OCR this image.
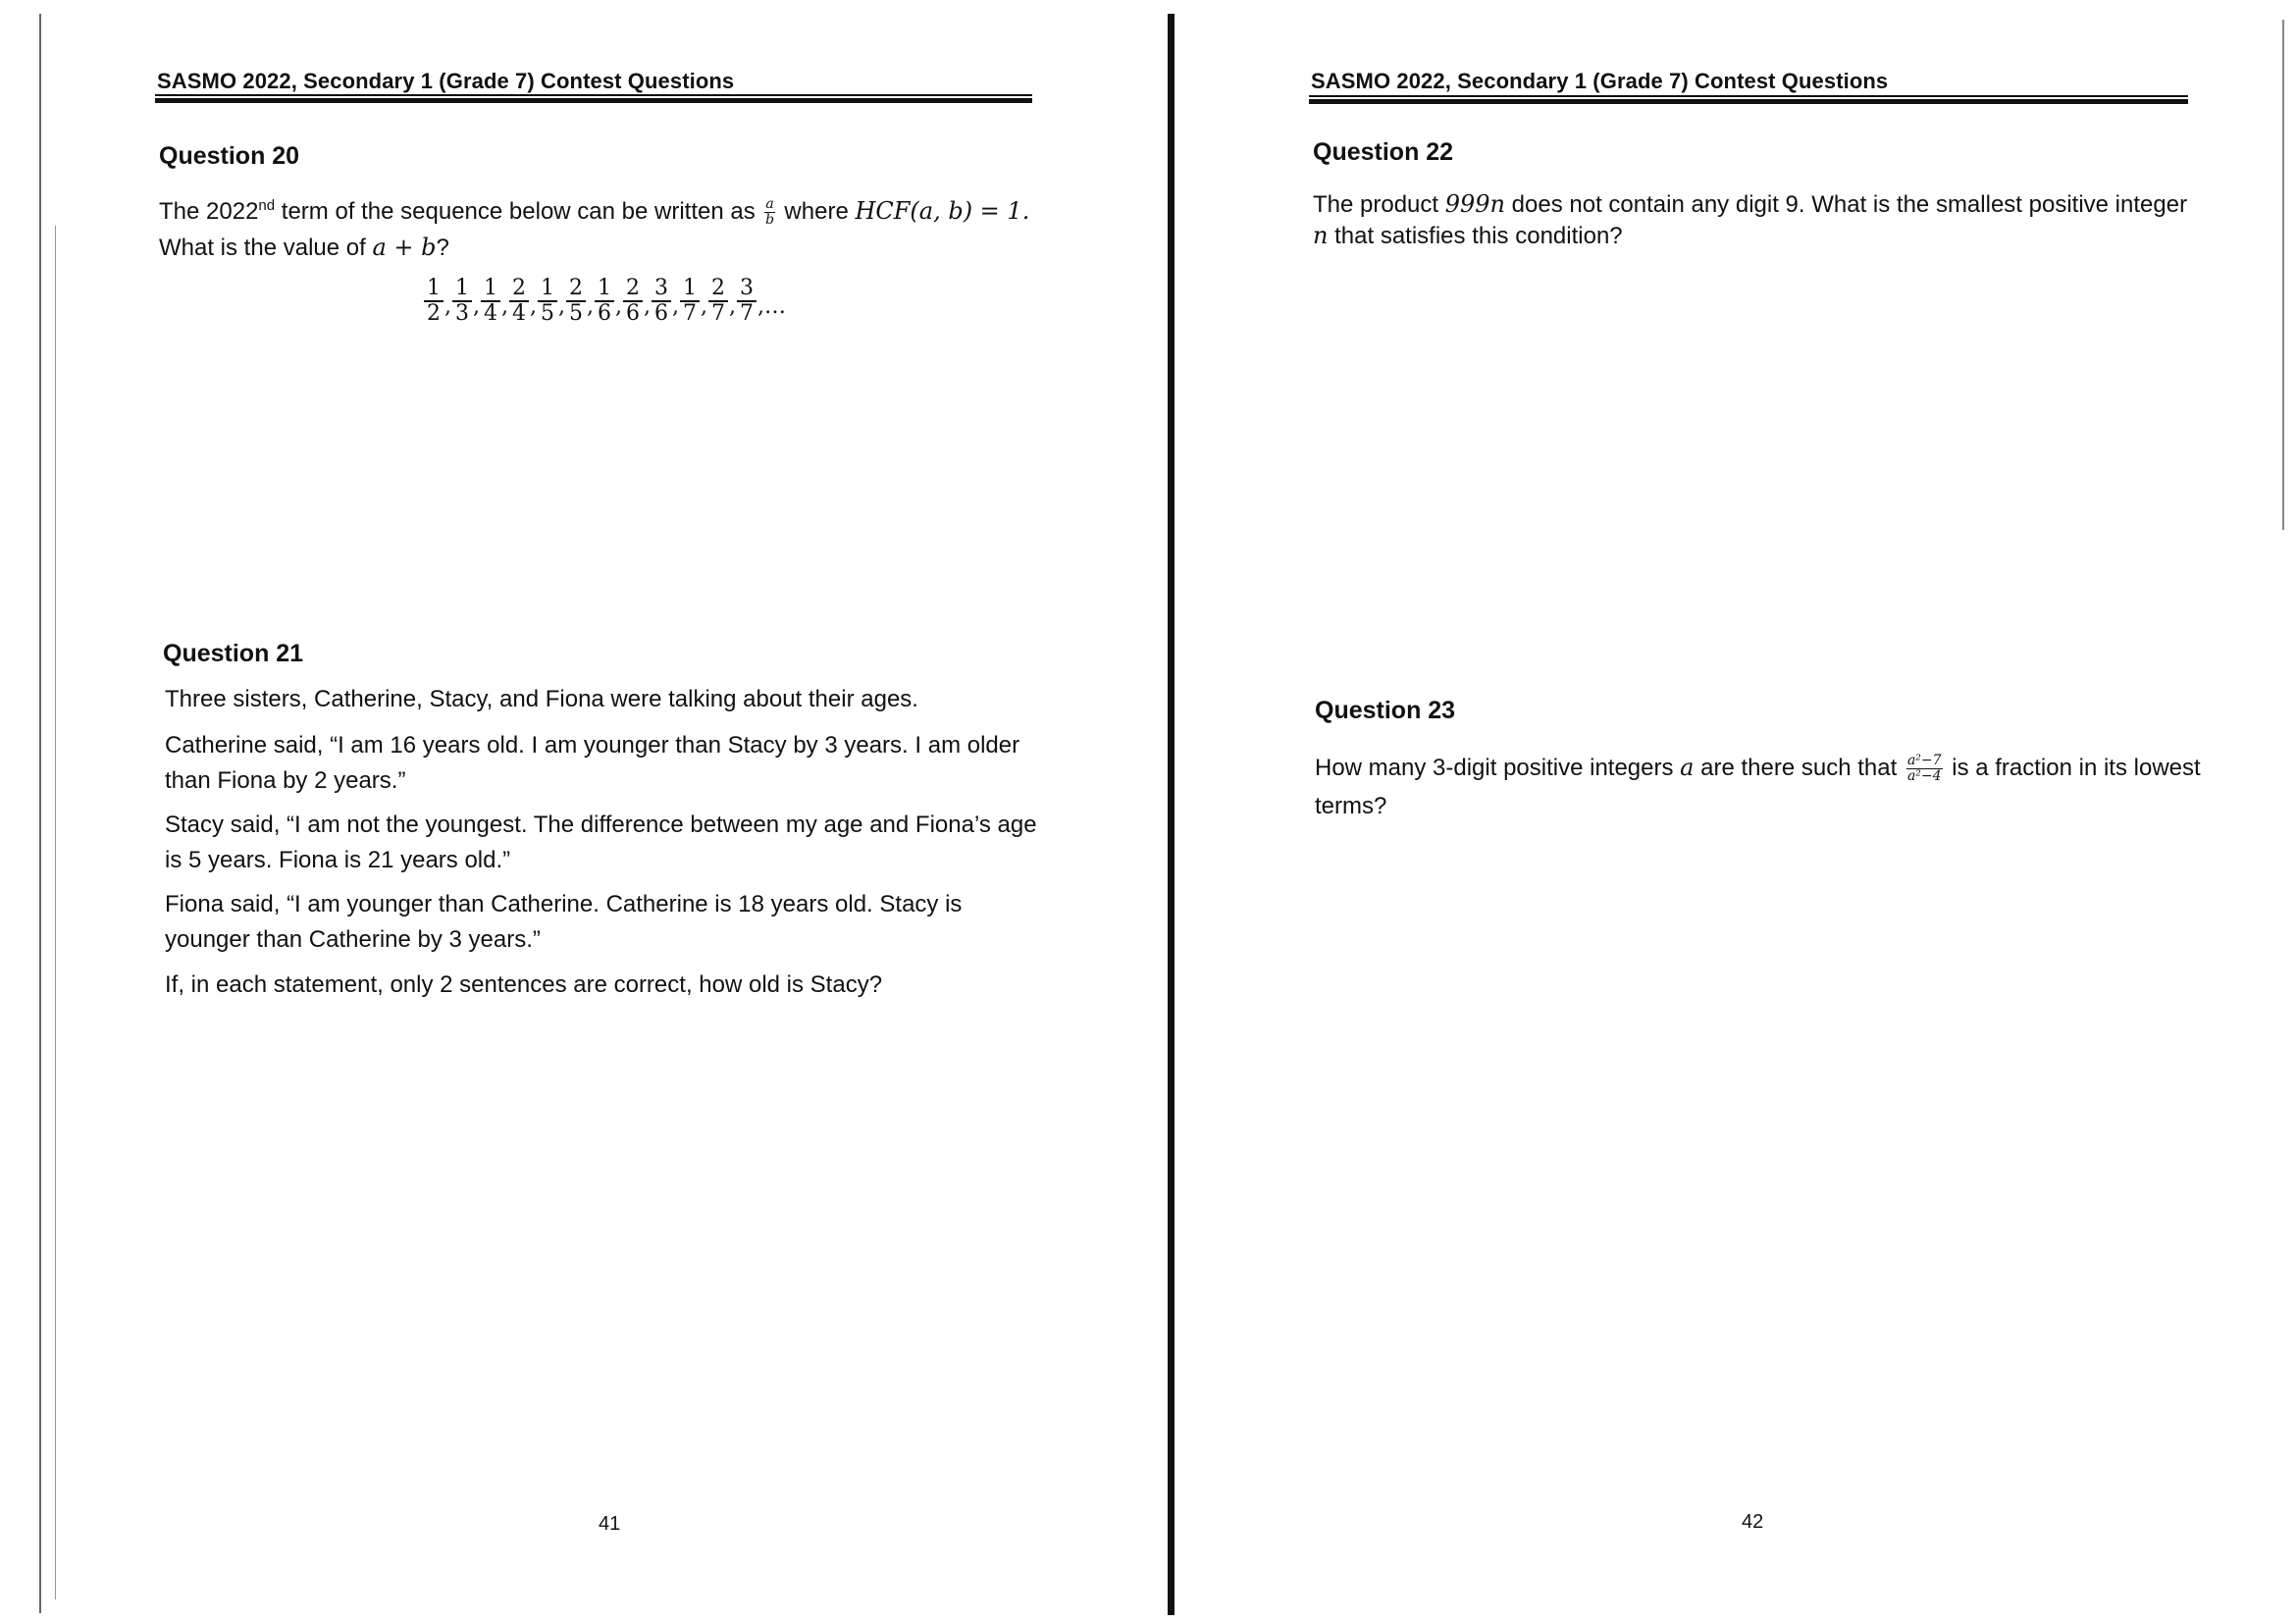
SASMO 2022, Secondary 1 (Grade 7) Contest Questions
Question 20
The 2022nd term of the sequence below can be written as $\frac{a}{b}$ where HCF(a, b) = 1.
What is the value of a + b?
$\frac{1}{2}$ , $\frac{1}{3}$ , $\frac{1}{4}$ , $\frac{2}{4}$ , $\frac{1}{5}$ , $\frac{2}{5}$ , $\frac{1}{6}$ , $\frac{2}{6}$ , $\frac{3}{6}$ , $\frac{1}{7}$ , $\frac{2}{7}$ , $\frac{3}{7}$ ,…
Question 21
Three sisters, Catherine, Stacy, and Fiona were talking about their ages.
Catherine said, “I am 16 years old. I am younger than Stacy by 3 years. I am older
than Fiona by 2 years.”
Stacy said, “I am not the youngest. The difference between my age and Fiona’s age
is 5 years. Fiona is 21 years old.”
Fiona said, “I am younger than Catherine. Catherine is 18 years old. Stacy is
younger than Catherine by 3 years.”
If, in each statement, only 2 sentences are correct, how old is Stacy?
41
SASMO 2022, Secondary 1 (Grade 7) Contest Questions
Question 22
The product 999n does not contain any digit 9. What is the smallest positive integer
n that satisfies this condition?
Question 23
How many 3-digit positive integers a are there such that $\frac{\text{a²−7}}{\text{a²−4}}$ is a fraction in its lowest
terms?
42
